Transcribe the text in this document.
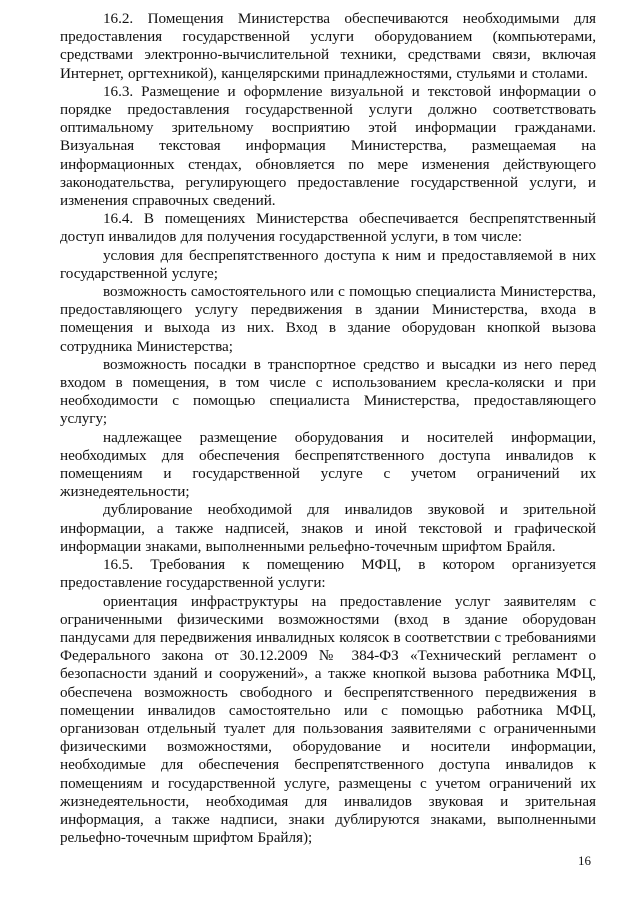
16.2. Помещения Министерства обеспечиваются необходимыми для предоставления государственной услуги оборудованием (компьютерами, средствами электронно-вычислительной техники, средствами связи, включая Интернет, оргтехникой), канцелярскими принадлежностями, стульями и столами.

16.3. Размещение и оформление визуальной и текстовой информации о порядке предоставления государственной услуги должно соответствовать оптимальному зрительному восприятию этой информации гражданами. Визуальная текстовая информация Министерства, размещаемая на информационных стендах, обновляется по мере изменения действующего законодательства, регулирующего предоставление государственной услуги, и изменения справочных сведений.

16.4. В помещениях Министерства обеспечивается беспрепятственный доступ инвалидов для получения государственной услуги, в том числе:

условия для беспрепятственного доступа к ним и предоставляемой в них государственной услуге;

возможность самостоятельного или с помощью специалиста Министерства, предоставляющего услугу передвижения в здании Министерства, входа в помещения и выхода из них. Вход в здание оборудован кнопкой вызова сотрудника Министерства;

возможность посадки в транспортное средство и высадки из него перед входом в помещения, в том числе с использованием кресла-коляски и при необходимости с помощью специалиста Министерства, предоставляющего услугу;

надлежащее размещение оборудования и носителей информации, необходимых для обеспечения беспрепятственного доступа инвалидов к помещениям и государственной услуге с учетом ограничений их жизнедеятельности;

дублирование необходимой для инвалидов звуковой и зрительной информации, а также надписей, знаков и иной текстовой и графической информации знаками, выполненными рельефно-точечным шрифтом Брайля.

16.5. Требования к помещению МФЦ, в котором организуется предоставление государственной услуги:

ориентация инфраструктуры на предоставление услуг заявителям с ограниченными физическими возможностями (вход в здание оборудован пандусами для передвижения инвалидных колясок в соответствии с требованиями Федерального закона от 30.12.2009 № 384-ФЗ «Технический регламент о безопасности зданий и сооружений», а также кнопкой вызова работника МФЦ, обеспечена возможность свободного и беспрепятственного передвижения в помещении инвалидов самостоятельно или с помощью работника МФЦ, организован отдельный туалет для пользования заявителями с ограниченными физическими возможностями, оборудование и носители информации, необходимые для обеспечения беспрепятственного доступа инвалидов к помещениям и государственной услуге, размещены с учетом ограничений их жизнедеятельности, необходимая для инвалидов звуковая и зрительная информация, а также надписи, знаки дублируются знаками, выполненными рельефно-точечным шрифтом Брайля);

16
